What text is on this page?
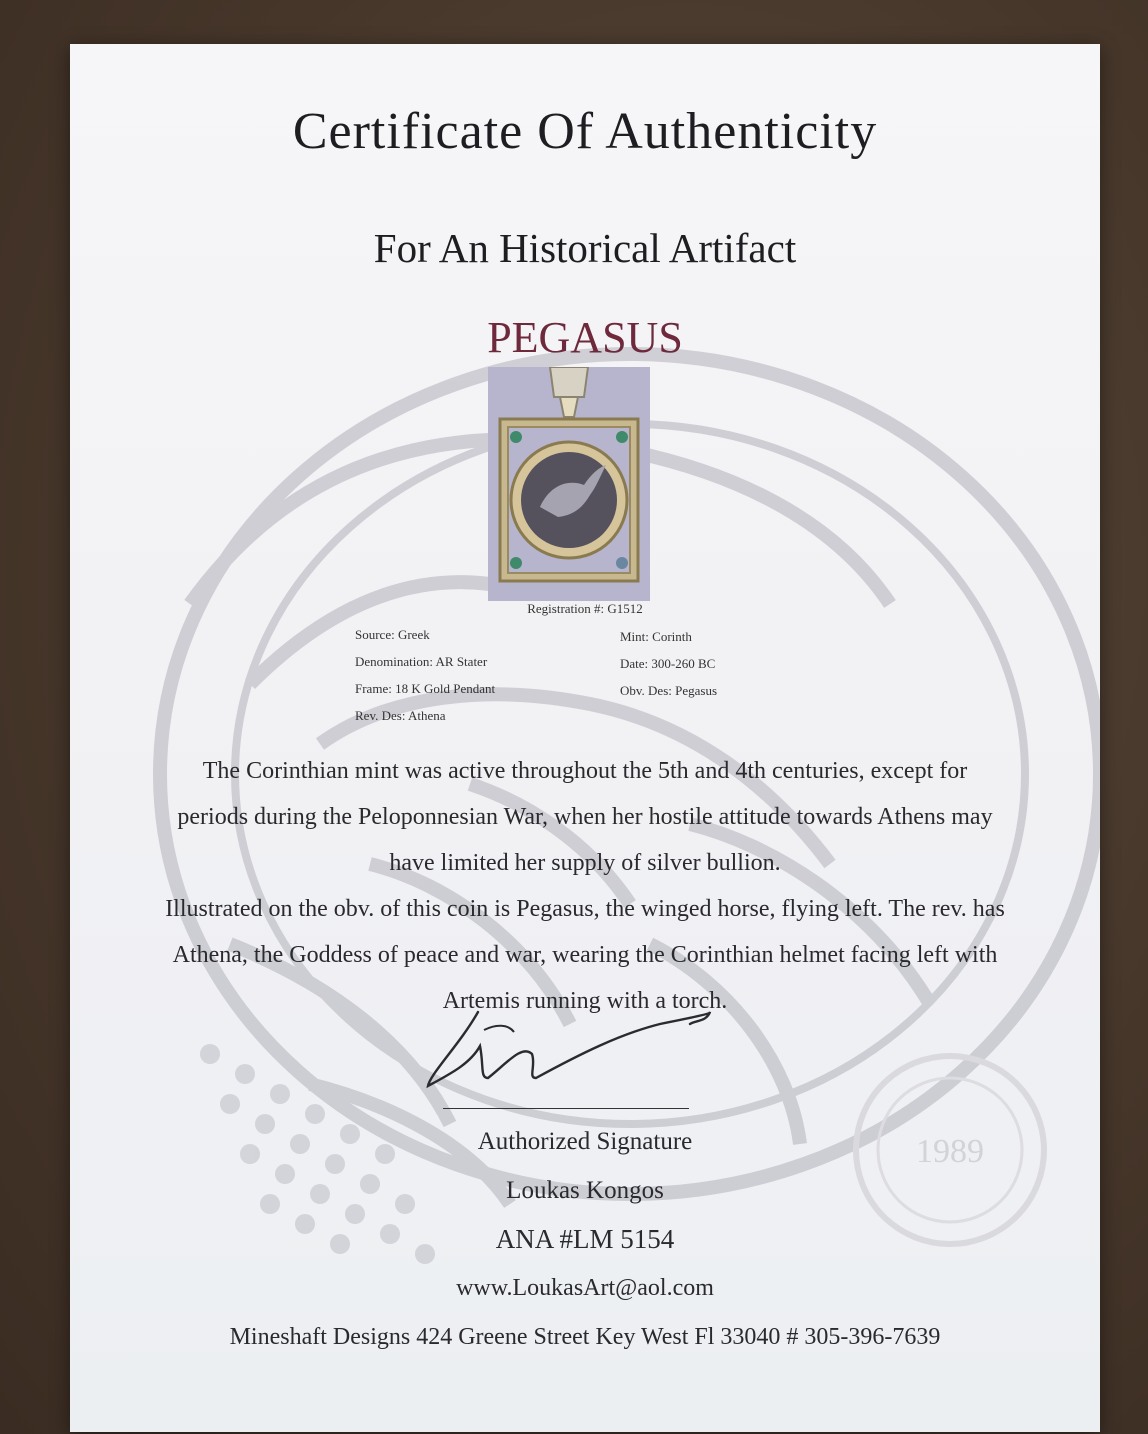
Certificate Of Authenticity
For An Historical Artifact
PEGASUS
Registration #: G1512
Source: Greek
Denomination: AR Stater
Frame: 18 K Gold Pendant
Rev. Des: Athena
Mint: Corinth
Date: 300-260 BC
Obv. Des: Pegasus
The Corinthian mint was active throughout the 5th and 4th centuries, except for
periods during the Peloponnesian War, when her hostile attitude towards Athens may
have limited her supply of silver bullion.
Illustrated on the obv. of this coin is Pegasus, the winged horse, flying left. The rev. has
Athena, the Goddess of peace and war, wearing the Corinthian helmet facing left with
Artemis running with a torch.
Authorized Signature
Loukas Kongos
ANA #LM 5154
www.LoukasArt@aol.com
Mineshaft Designs 424 Greene Street Key West Fl 33040 # 305-396-7639
1989
